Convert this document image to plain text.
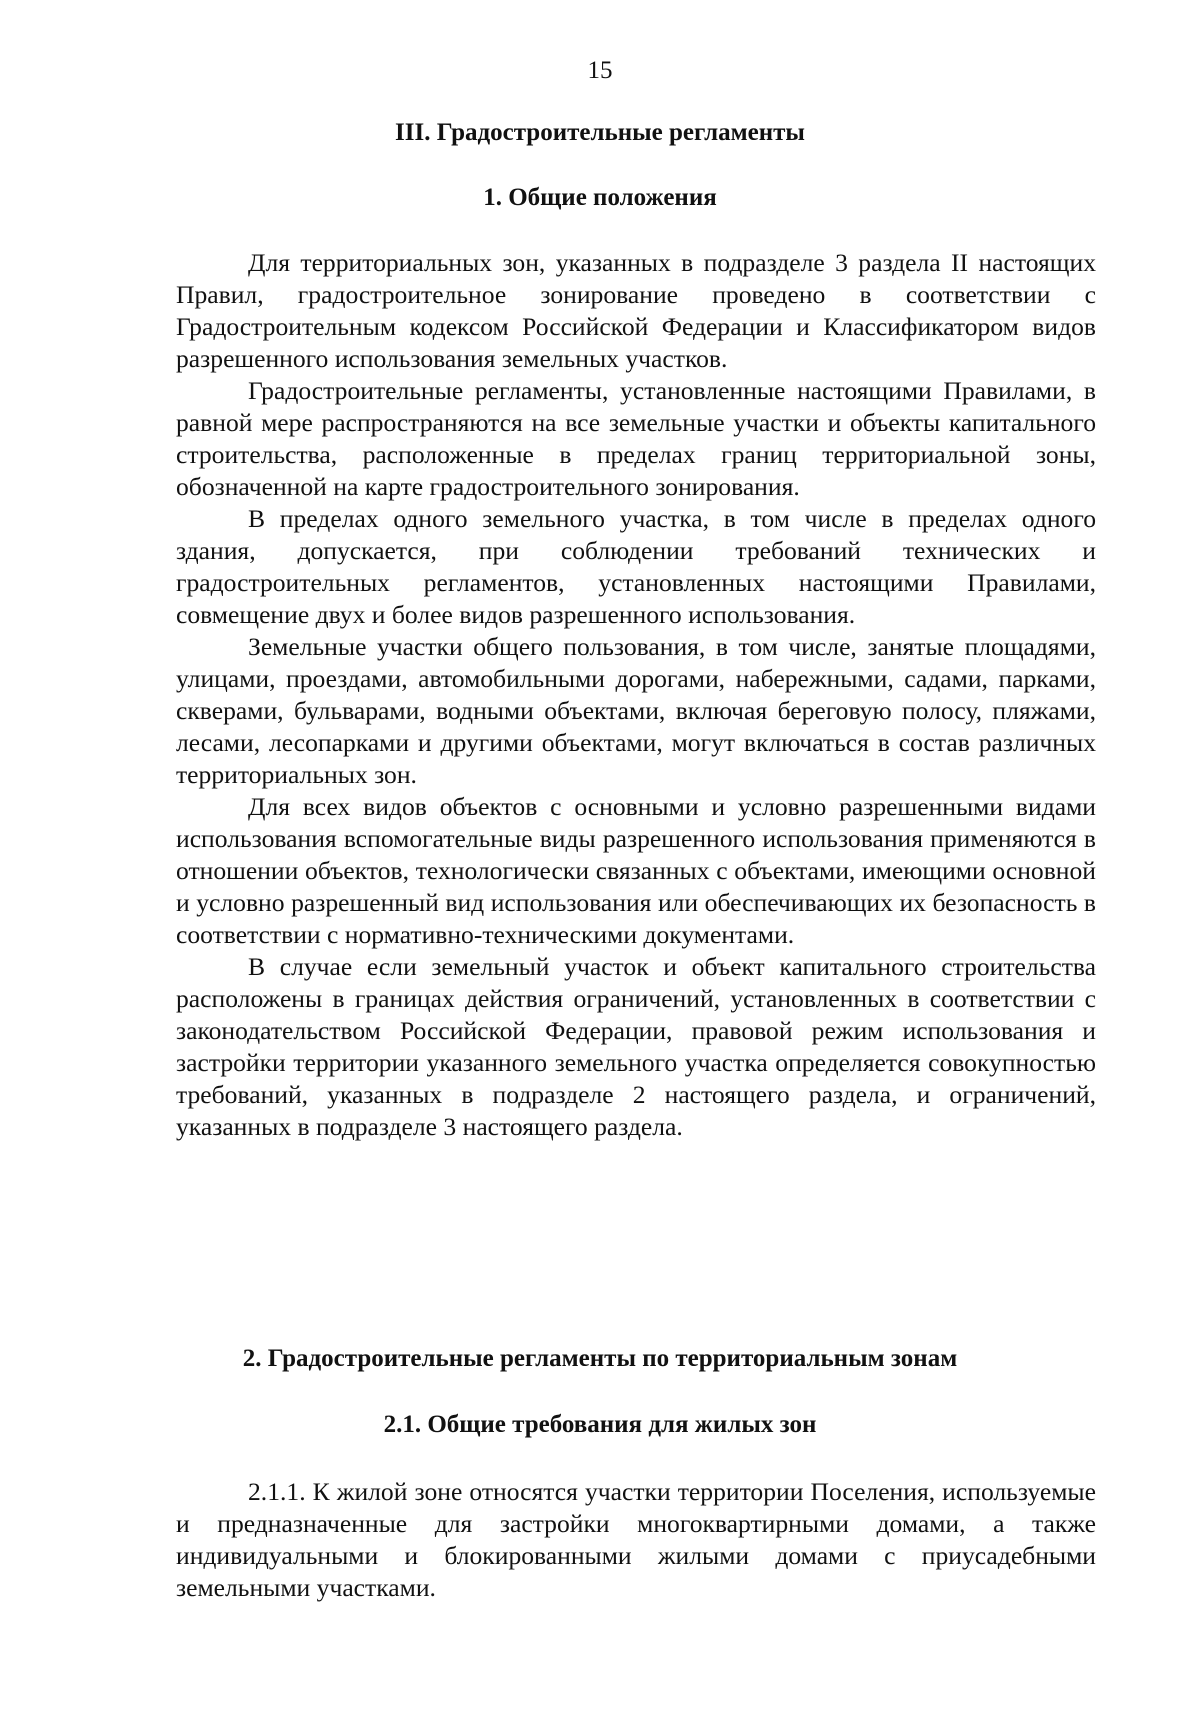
15
III. Градостроительные регламенты
1. Общие положения

Для территориальных зон, указанных в подразделе 3 раздела II настоящих Правил, градостроительное зонирование проведено в соответствии с Градостроительным кодексом Российской Федерации и Классификатором видов разрешенного использования земельных участков.

Градостроительные регламенты, установленные настоящими Правилами, в равной мере распространяются на все земельные участки и объекты капитального строительства, расположенные в пределах границ территориальной зоны, обозначенной на карте градостроительного зонирования.

В пределах одного земельного участка, в том числе в пределах одного здания, допускается, при соблюдении требований технических и градостроительных регламентов, установленных настоящими Правилами, совмещение двух и более видов разрешенного использования.

Земельные участки общего пользования, в том числе, занятые площадями, улицами, проездами, автомобильными дорогами, набережными, садами, парками, скверами, бульварами, водными объектами, включая береговую полосу, пляжами, лесами, лесопарками и другими объектами, могут включаться в состав различных территориальных зон.

Для всех видов объектов с основными и условно разрешенными видами использования вспомогательные виды разрешенного использования применяются в отношении объектов, технологически связанных с объектами, имеющими основной и условно разрешенный вид использования или обеспечивающих их безопасность в соответствии с нормативно-техническими документами.

В случае если земельный участок и объект капитального строительства расположены в границах действия ограничений, установленных в соответствии с законодательством Российской Федерации, правовой режим использования и застройки территории указанного земельного участка определяется совокупностью требований, указанных в подразделе 2 настоящего раздела, и ограничений, указанных в подразделе 3 настоящего раздела.

2. Градостроительные регламенты по территориальным зонам
2.1. Общие требования для жилых зон

2.1.1. К жилой зоне относятся участки территории Поселения, используемые и предназначенные для застройки многоквартирными домами, а также индивидуальными и блокированными жилыми домами с приусадебными земельными участками.
